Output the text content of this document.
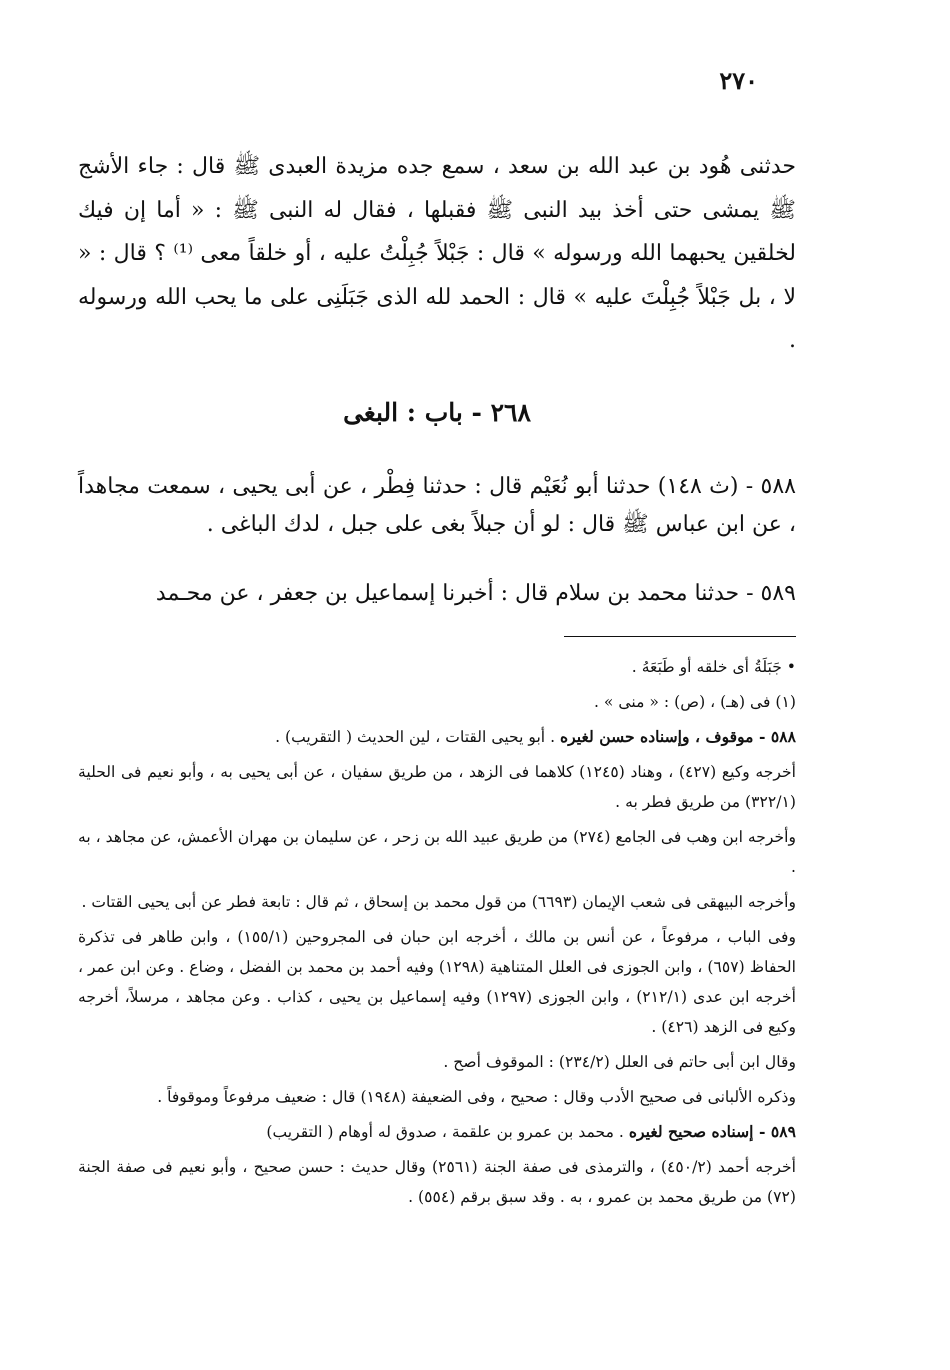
٢٧٠

حدثنى هُود بن عبد الله بن سعد ، سمع جده مزيدة العبدى ﷺ قال : جاء الأشج ﷺ يمشى حتى أخذ بيد النبى ﷺ فقبلها ، فقال له النبى ﷺ : « أما إن فيك لخلقين يحبهما الله ورسوله » قال : جَبْلاً جُبِلْتُ عليه ، أو خلقاً معى ⁽¹⁾ ؟ قال : « لا ، بل جَبْلاً جُبِلْتَ عليه » قال : الحمد لله الذى جَبَلَنِى على ما يحب الله ورسوله .

٢٦٨ - باب : البغى
٥٨٨ - (ث ١٤٨) حدثنا أبو نُعَيْم قال : حدثنا فِطْر ، عن أبى يحيى ، سمعت مجاهداً ، عن ابن عباس ﷺ قال : لو أن جبلاً بغى على جبل ، لدك الباغى .
٥٨٩ - حدثنا محمد بن سلام قال : أخبرنا إسماعيل بن جعفر ، عن محـمد

• جَبَلَةُ أى خلقه أو طَبَعَهُ .

(١) فى (هـ) ، (ص) : « منى » .

٥٨٨ - موقوف ، وإسناده حسن لغيره . أبو يحيى القتات ، لين الحديث ( التقريب) .

أخرجه وكيع (٤٢٧) ، وهناد (١٢٤٥) كلاهما فى الزهد ، من طريق سفيان ، عن أبى يحيى به ، وأبو نعيم فى الحلية (٣٢٢/١) من طريق فطر به .

وأخرجه ابن وهب فى الجامع (٢٧٤) من طريق عبيد الله بن زحر ، عن سليمان بن مهران الأعمش، عن مجاهد ، به .

وأخرجه البيهقى فى شعب الإيمان (٦٦٩٣) من قول محمد بن إسحاق ، ثم قال : تابعة فطر عن أبى يحيى القتات .

وفى الباب ، مرفوعاً ، عن أنس بن مالك ، أخرجه ابن حبان فى المجروحين (١٥٥/١) ، وابن طاهر فى تذكرة الحفاظ (٦٥٧) ، وابن الجوزى فى العلل المتناهية (١٢٩٨) وفيه أحمد بن محمد بن الفضل ، وضاع . وعن ابن عمر ، أخرجه ابن عدى (٢١٢/١) ، وابن الجوزى (١٢٩٧) وفيه إسماعيل بن يحيى ، كذاب . وعن مجاهد ، مرسلاً، أخرجه وكيع فى الزهد (٤٢٦) .

وقال ابن أبى حاتم فى العلل (٢٣٤/٢) : الموقوف أصح .

وذكره الألبانى فى صحيح الأدب وقال : صحيح ، وفى الضعيفة (١٩٤٨) قال : ضعيف مرفوعاً وموقوفاً .

٥٨٩ - إسناده صحيح لغيره . محمد بن عمرو بن علقمة ، صدوق له أوهام ( التقريب)

أخرجه أحمد (٤٥٠/٢) ، والترمذى فى صفة الجنة (٢٥٦١) وقال حديث : حسن صحيح ، وأبو نعيم فى صفة الجنة (٧٢) من طريق محمد بن عمرو ، به . وقد سبق برقم (٥٥٤) .
